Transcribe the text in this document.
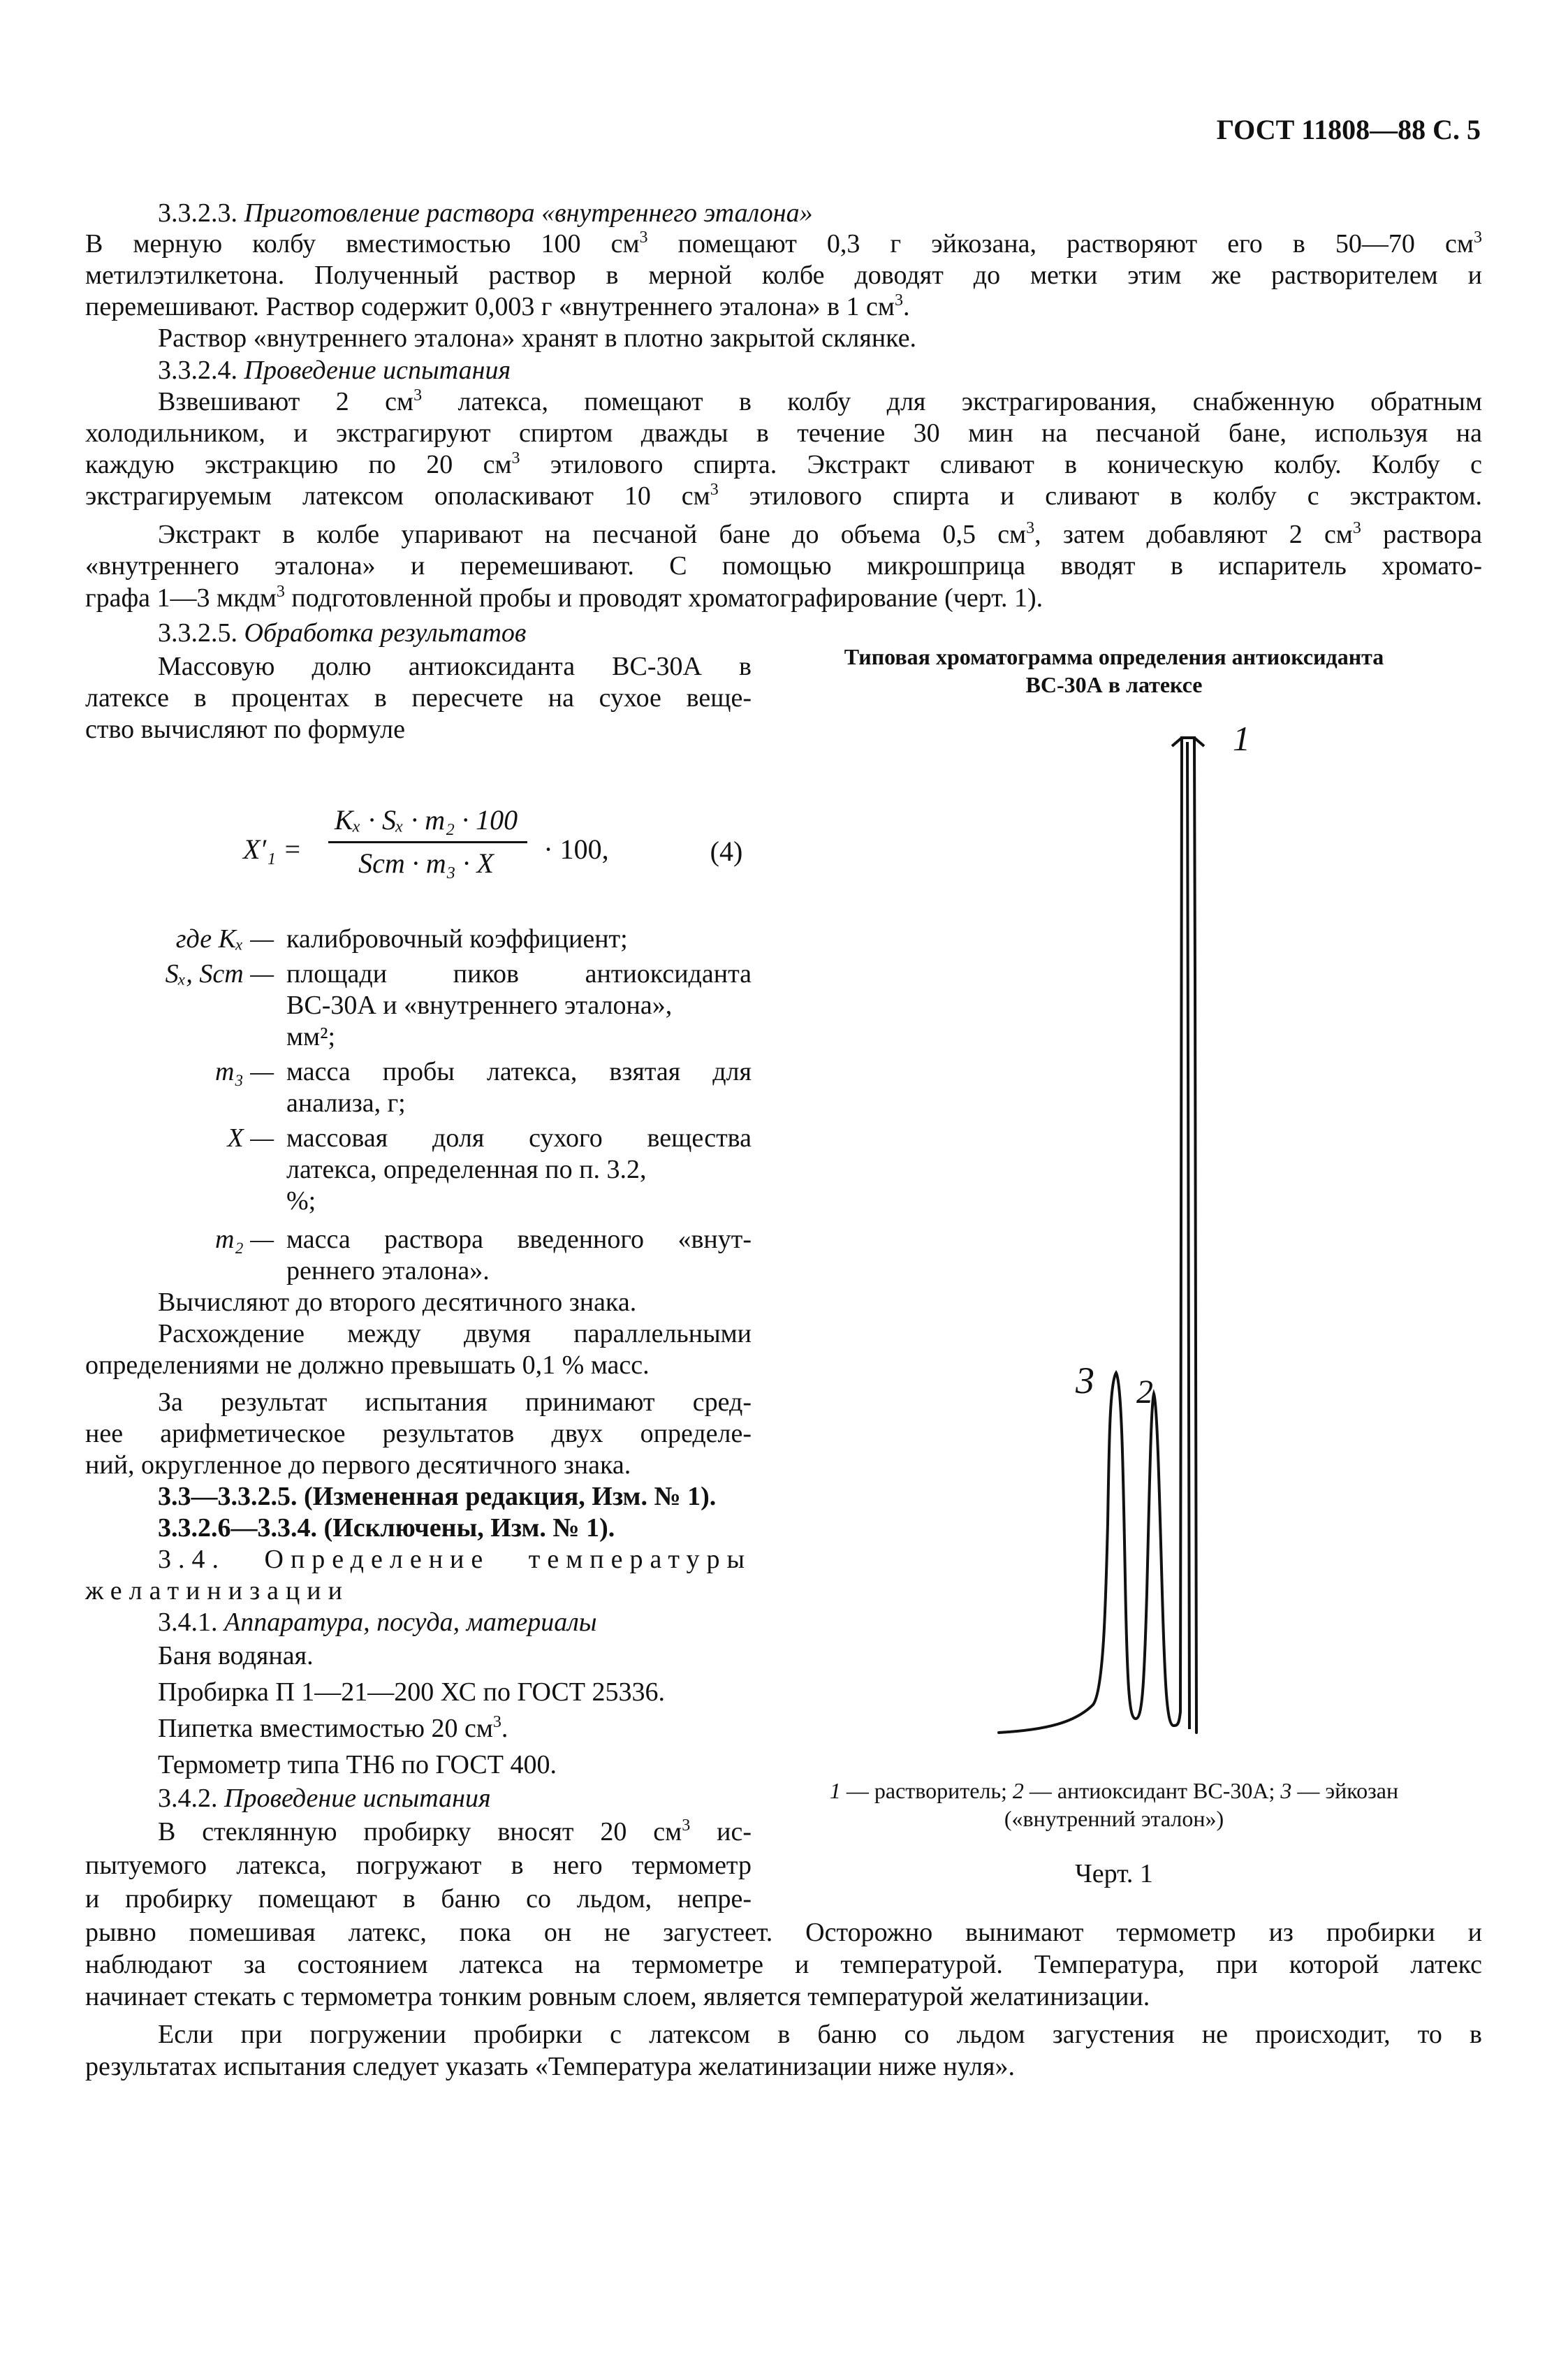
ГОСТ 11808—88 С. 5
3.3.2.3. Приготовление раствора «внутреннего эталона»
В мерную колбу вместимостью 100 $см^3$ помещают 0,3 г эйкозана, растворяют его в 50—70 $см^3$
метилэтилкетона. Полученный раствор в мерной колбе доводят до метки этим же растворителем и
перемешивают. Раствор содержит 0,003 г «внутреннего эталона» в 1 $см^3$.
Раствор «внутреннего эталона» хранят в плотно закрытой склянке.
3.3.2.4. Проведение испытания
Взвешивают 2 $см^3$ латекса, помещают в колбу для экстрагирования, снабженную обратным
холодильником, и экстрагируют спиртом дважды в течение 30 мин на песчаной бане, используя на
каждую экстракцию по 20 $см^3$ этилового спирта. Экстракт сливают в коническую колбу. Колбу с
экстрагируемым латексом ополаскивают 10 $см^3$ этилового спирта и сливают в колбу с экстрактом.
Экстракт в колбе упаривают на песчаной бане до объема 0,5 $см^3$, затем добавляют 2 $см^3$ раствора
«внутреннего эталона» и перемешивают. С помощью микрошприца вводят в испаритель хромато-
графа 1—3 мкдм$^3$ подготовленной пробы и проводят хроматографирование (черт. 1).
3.3.2.5. Обработка результатов
Массовую долю антиоксиданта ВС-30А в
латексе в процентах в пересчете на сухое веще-
ство вычисляют по формуле
X′₁ =
Kₓ · Sₓ · m₂ · 100
Sст · m₃ · X	· 100,	(4)
где Kₓ — калибровочный коэффициент;
Sₓ, Sст — площади пиков антиоксиданта
ВС-30А и «внутреннего эталона»,
мм²;
m₃ — масса пробы латекса, взятая для
анализа, г;
X — массовая доля сухого вещества
латекса, определенная по п. 3.2,
%;
m₂ — масса раствора введенного «внут-
реннего эталона».
Вычисляют до второго десятичного знака.
Расхождение между двумя параллельными
определениями не должно превышать 0,1 % масс.
За результат испытания принимают сред-
нее арифметическое результатов двух определе-
ний, округленное до первого десятичного знака.
3.3—3.3.2.5. (Измененная редакция, Изм. № 1).
3.3.2.6—3.3.4. (Исключены, Изм. № 1).
3.4. Определение температуры
желатинизации
3.4.1. Аппаратура, посуда, материалы
Баня водяная.
Пробирка П 1—21—200 ХС по ГОСТ 25336.
Пипетка вместимостью 20 $см^3$.
Термометр типа ТН6 по ГОСТ 400.
3.4.2. Проведение испытания
В стеклянную пробирку вносят 20 $см^3$ ис-
пытуемого латекса, погружают в него термометр
и пробирку помещают в баню со льдом, непре-
рывно помешивая латекс, пока он не загустеет. Осторожно вынимают термометр из пробирки и
наблюдают за состоянием латекса на термометре и температурой. Температура, при которой латекс
начинает стекать с термометра тонким ровным слоем, является температурой желатинизации.
Если при погружении пробирки с латексом в баню со льдом загустения не происходит, то в
результатах испытания следует указать «Температура желатинизации ниже нуля».
Типовая хроматограмма определения антиоксиданта
ВС-30А в латексе
1
2
3
1 — растворитель; 2 — антиоксидант ВС-30А; 3 — эйкозан
(«внутренний эталон»)
Черт. 1
